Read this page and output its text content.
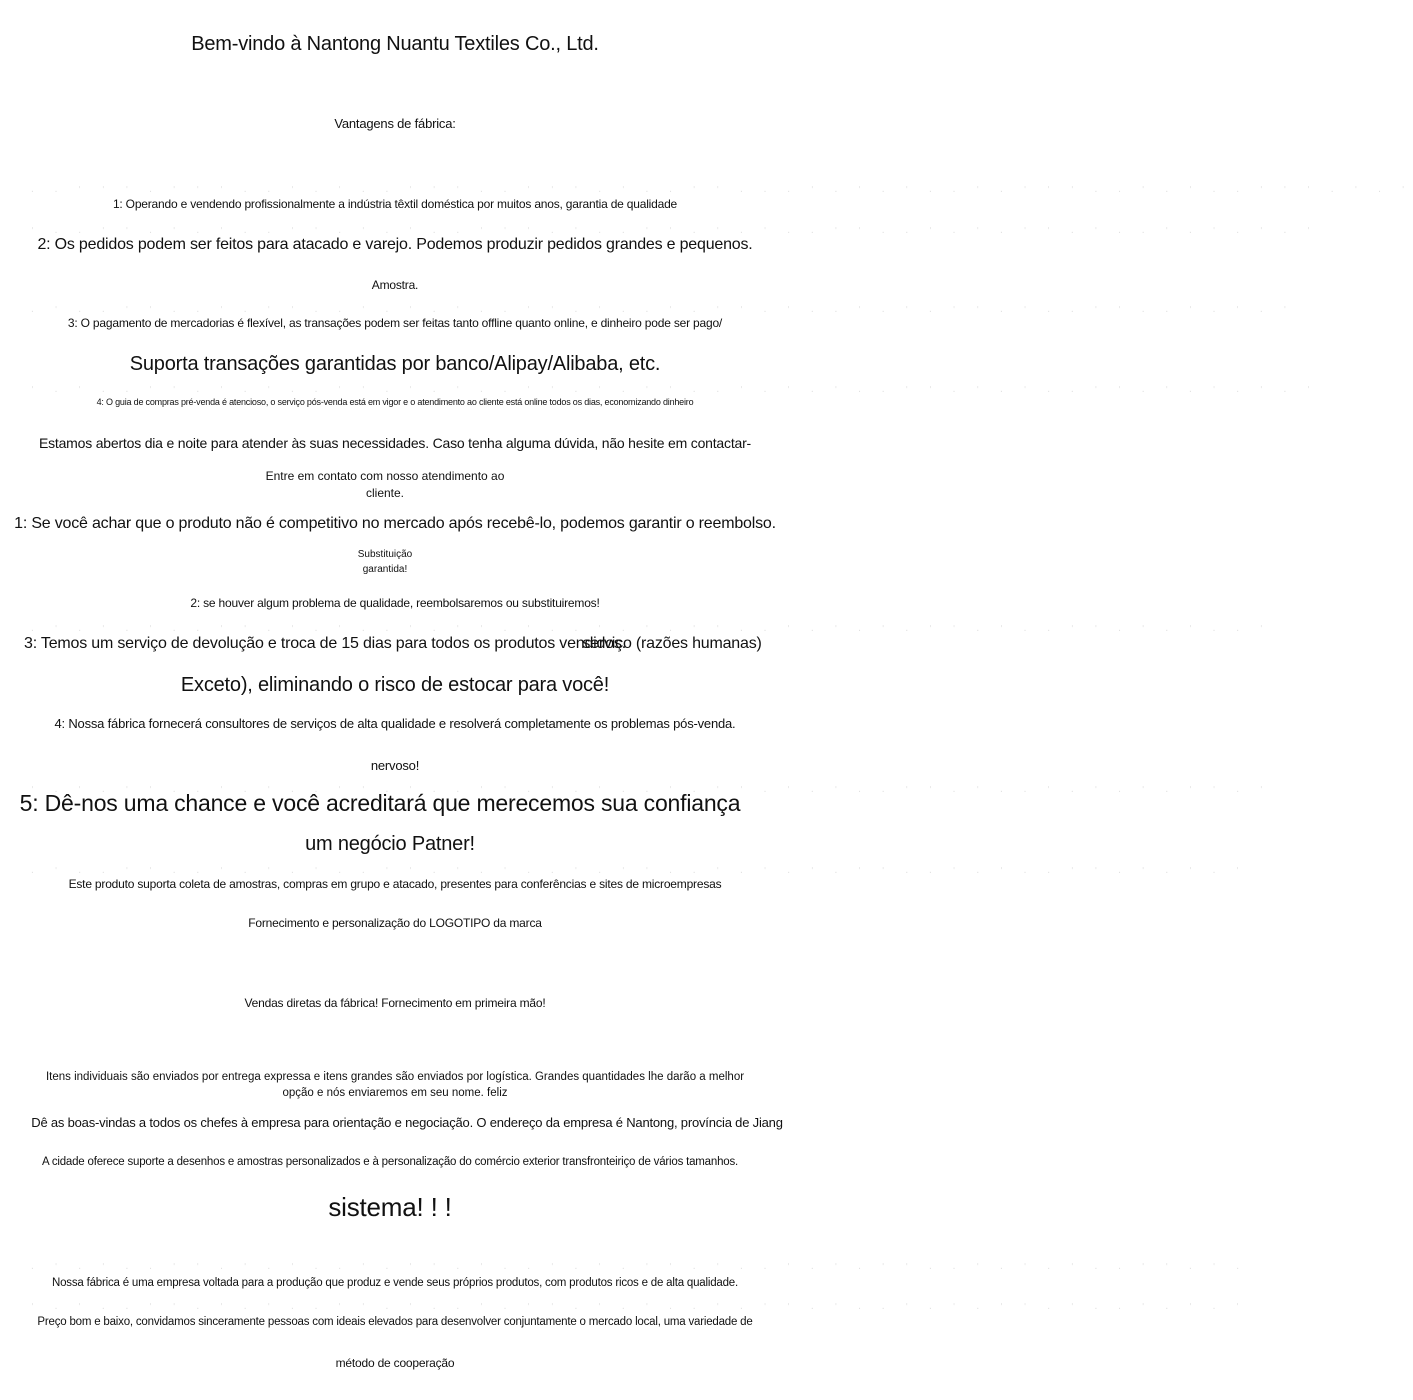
Bem-vindo à Nantong Nuantu Textiles Co., Ltd.
Vantagens de fábrica:
. . ' ' ' . ' ' ' . . ' . ' . . ' ' ' . . ' ' ' . ' . . ' ' . . . ' . ' . ' . . ' . ' ' ' . . ' . ' . . ' ' ' . ' . '
1: Operando e vendendo profissionalmente a indústria têxtil doméstica por muitos anos, garantia de qualidade
' . . ' ' . ' . ' . . ' ' . ' . ' . . ' ' ' . ' . . ' ' . ' . ' . . ' ' . . ' . ' . ' ' . ' . . ' . ' . ' . '
2: Os pedidos podem ser feitos para atacado e varejo. Podemos produzir pedidos grandes e pequenos.
Amostra.
. ' . . ' ' . . ' . ' ' . . ' . ' . ' . . ' ' . ' . . ' . ' ' . ' . . ' . ' . ' ' . ' . . ' ' . . ' . ' . '
3: O pagamento de mercadorias é flexível, as transações podem ser feitas tanto offline quanto online, e dinheiro pode ser pago/
Suporta transações garantidas por banco/Alipay/Alibaba, etc.
' . ' . . ' ' . ' . ' . . ' ' . ' . ' . . ' ' . ' . ' ' . . ' . ' . ' . . ' ' . ' . ' . . ' ' . ' . ' . ' . '
4: O guia de compras pré-venda é atencioso, o serviço pós-venda está em vigor e o atendimento ao cliente está online todos os dias, economizando dinheiro
Estamos abertos dia e noite para atender às suas necessidades. Caso tenha alguma dúvida, não hesite em contactar-
Entre em contato com nosso atendimento ao cliente.
1: Se você achar que o produto não é competitivo no mercado após recebê-lo, podemos garantir o reembolso.
Substituição garantida!
2: se houver algum problema de qualidade, reembolsaremos ou substituiremos!
. ' . ' . ' . . ' ' . ' . ' . . ' . ' ' . ' . . ' . ' . ' ' . . ' . ' . ' . ' ' . ' . . ' ' . ' . ' . . '
3: Temos um serviço de devolução e troca de 15 dias para todos os produtos vendidos.
serviço (razões humanas)
Exceto), eliminando o risco de estocar para você!
4: Nossa fábrica fornecerá consultores de serviços de alta qualidade e resolverá completamente os problemas pós-venda.
nervoso!
' . ' . ' ' . . ' . ' . . ' ' . ' . . ' ' . ' . ' . . ' . ' ' . ' . ' . . ' ' . ' . . ' . ' . ' . ' ' . '
5: Dê-nos uma chance e você acreditará que merecemos sua confiança
um negócio Patner!
. ' . . ' ' . . ' . ' . ' . . ' ' . ' . ' . . ' . ' ' . . ' . ' . ' . ' ' . . ' . ' . . ' ' . ' . ' . '
Este produto suporta coleta de amostras, compras em grupo e atacado, presentes para conferências e sites de microempresas
Fornecimento e personalização do LOGOTIPO da marca
Vendas diretas da fábrica! Fornecimento em primeira mão!
Itens individuais são enviados por entrega expressa e itens grandes são enviados por logística. Grandes quantidades lhe darão a melhor opção e nós enviaremos em seu nome. feliz
Dê as boas-vindas a todos os chefes à empresa para orientação e negociação. O endereço da empresa é Nantong, província de Jiang
A cidade oferece suporte a desenhos e amostras personalizados e à personalização do comércio exterior transfronteiriço de vários tamanhos.
sistema! ! !
. ' . ' . . ' ' . ' . ' . . ' . ' ' . ' . . ' . ' . ' ' . ' . . ' . ' . ' ' . . ' . ' . ' . . ' ' . ' .
Nossa fábrica é uma empresa voltada para a produção que produz e vende seus próprios produtos, com produtos ricos e de alta qualidade.
' . ' . . ' ' . ' . ' . . ' ' . ' . . ' . ' ' . ' . ' . . ' . ' ' . ' . . ' . ' . ' ' . ' . . ' . ' . '
Preço bom e baixo, convidamos sinceramente pessoas com ideais elevados para desenvolver conjuntamente o mercado local, uma variedade de
método de cooperação
